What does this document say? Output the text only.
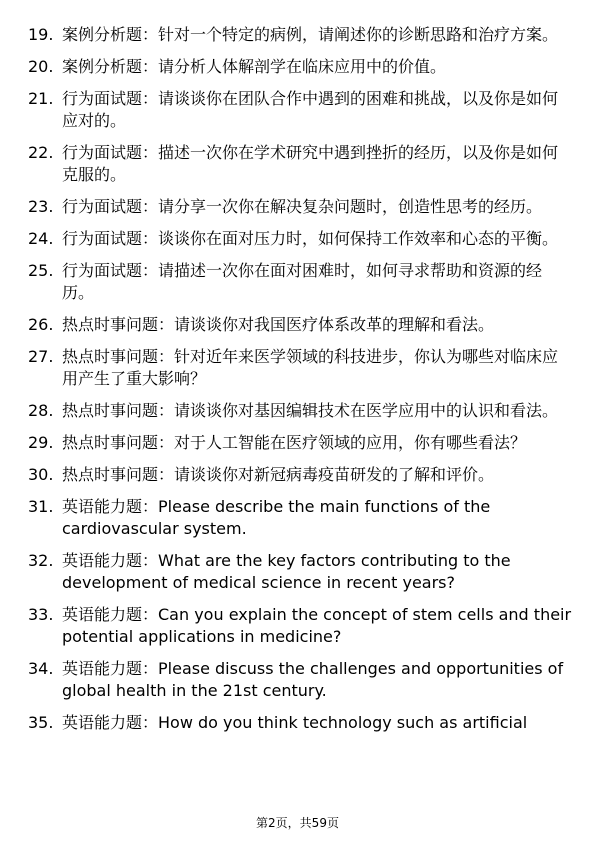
19. 案例分析题：针对一个特定的病例，请阐述你的诊断思路和治疗方案。
20. 案例分析题：请分析人体解剖学在临床应用中的价值。
21. 行为面试题：请谈谈你在团队合作中遇到的困难和挑战，以及你是如何应对的。
22. 行为面试题：描述一次你在学术研究中遇到挫折的经历，以及你是如何克服的。
23. 行为面试题：请分享一次你在解决复杂问题时，创造性思考的经历。
24. 行为面试题：谈谈你在面对压力时，如何保持工作效率和心态的平衡。
25. 行为面试题：请描述一次你在面对困难时，如何寻求帮助和资源的经历。
26. 热点时事问题：请谈谈你对我国医疗体系改革的理解和看法。
27. 热点时事问题：针对近年来医学领域的科技进步，你认为哪些对临床应用产生了重大影响？
28. 热点时事问题：请谈谈你对基因编辑技术在医学应用中的认识和看法。
29. 热点时事问题：对于人工智能在医疗领域的应用，你有哪些看法？
30. 热点时事问题：请谈谈你对新冠病毒疫苗研发的了解和评价。
31. 英语能力题：Please describe the main functions of the cardiovascular system.
32. 英语能力题：What are the key factors contributing to the development of medical science in recent years?
33. 英语能力题：Can you explain the concept of stem cells and their potential applications in medicine?
34. 英语能力题：Please discuss the challenges and opportunities of global health in the 21st century.
35. 英语能力题：How do you think technology such as artificial
第2页，共59页
